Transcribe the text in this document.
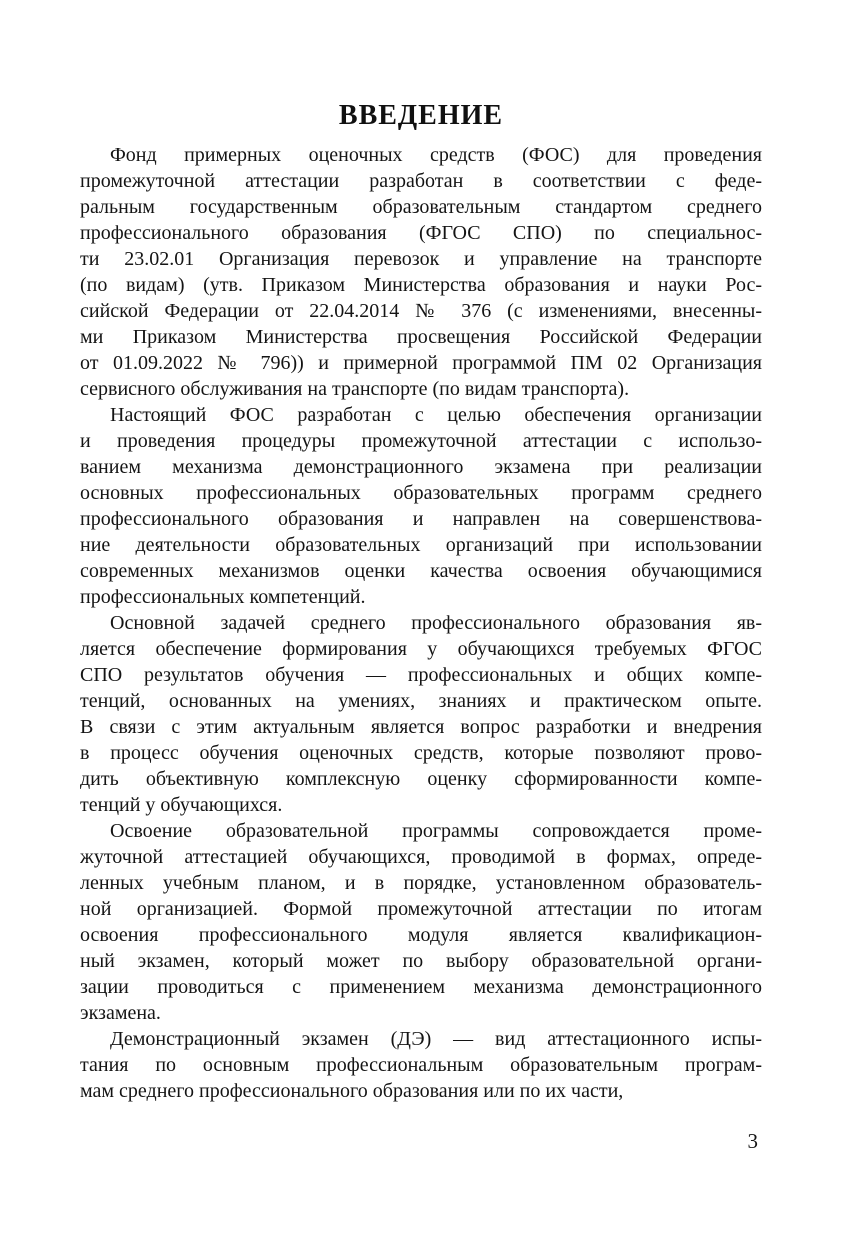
ВВЕДЕНИЕ
Фонд примерных оценочных средств (ФОС) для проведения
промежуточной аттестации разработан в соответствии с феде-
ральным государственным образовательным стандартом среднего
профессионального образования (ФГОС СПО) по специальнос-
ти 23.02.01 Организация перевозок и управление на транспорте
(по видам) (утв. Приказом Министерства образования и науки Рос-
сийской Федерации от 22.04.2014 № 376 (с изменениями, внесенны-
ми Приказом Министерства просвещения Российской Федерации
от 01.09.2022 № 796)) и примерной программой ПМ 02 Организация
сервисного обслуживания на транспорте (по видам транспорта).
Настоящий ФОС разработан с целью обеспечения организации
и проведения процедуры промежуточной аттестации с использо-
ванием механизма демонстрационного экзамена при реализации
основных профессиональных образовательных программ среднего
профессионального образования и направлен на совершенствова-
ние деятельности образовательных организаций при использовании
современных механизмов оценки качества освоения обучающимися
профессиональных компетенций.
Основной задачей среднего профессионального образования яв-
ляется обеспечение формирования у обучающихся требуемых ФГОС
СПО результатов обучения — профессиональных и общих компе-
тенций, основанных на умениях, знаниях и практическом опыте.
В связи с этим актуальным является вопрос разработки и внедрения
в процесс обучения оценочных средств, которые позволяют прово-
дить объективную комплексную оценку сформированности компе-
тенций у обучающихся.
Освоение образовательной программы сопровождается проме-
жуточной аттестацией обучающихся, проводимой в формах, опреде-
ленных учебным планом, и в порядке, установленном образователь-
ной организацией. Формой промежуточной аттестации по итогам
освоения профессионального модуля является квалификацион-
ный экзамен, который может по выбору образовательной органи-
зации проводиться с применением механизма демонстрационного
экзамена.
Демонстрационный экзамен (ДЭ) — вид аттестационного испы-
тания по основным профессиональным образовательным програм-
мам среднего профессионального образования или по их части,
3
